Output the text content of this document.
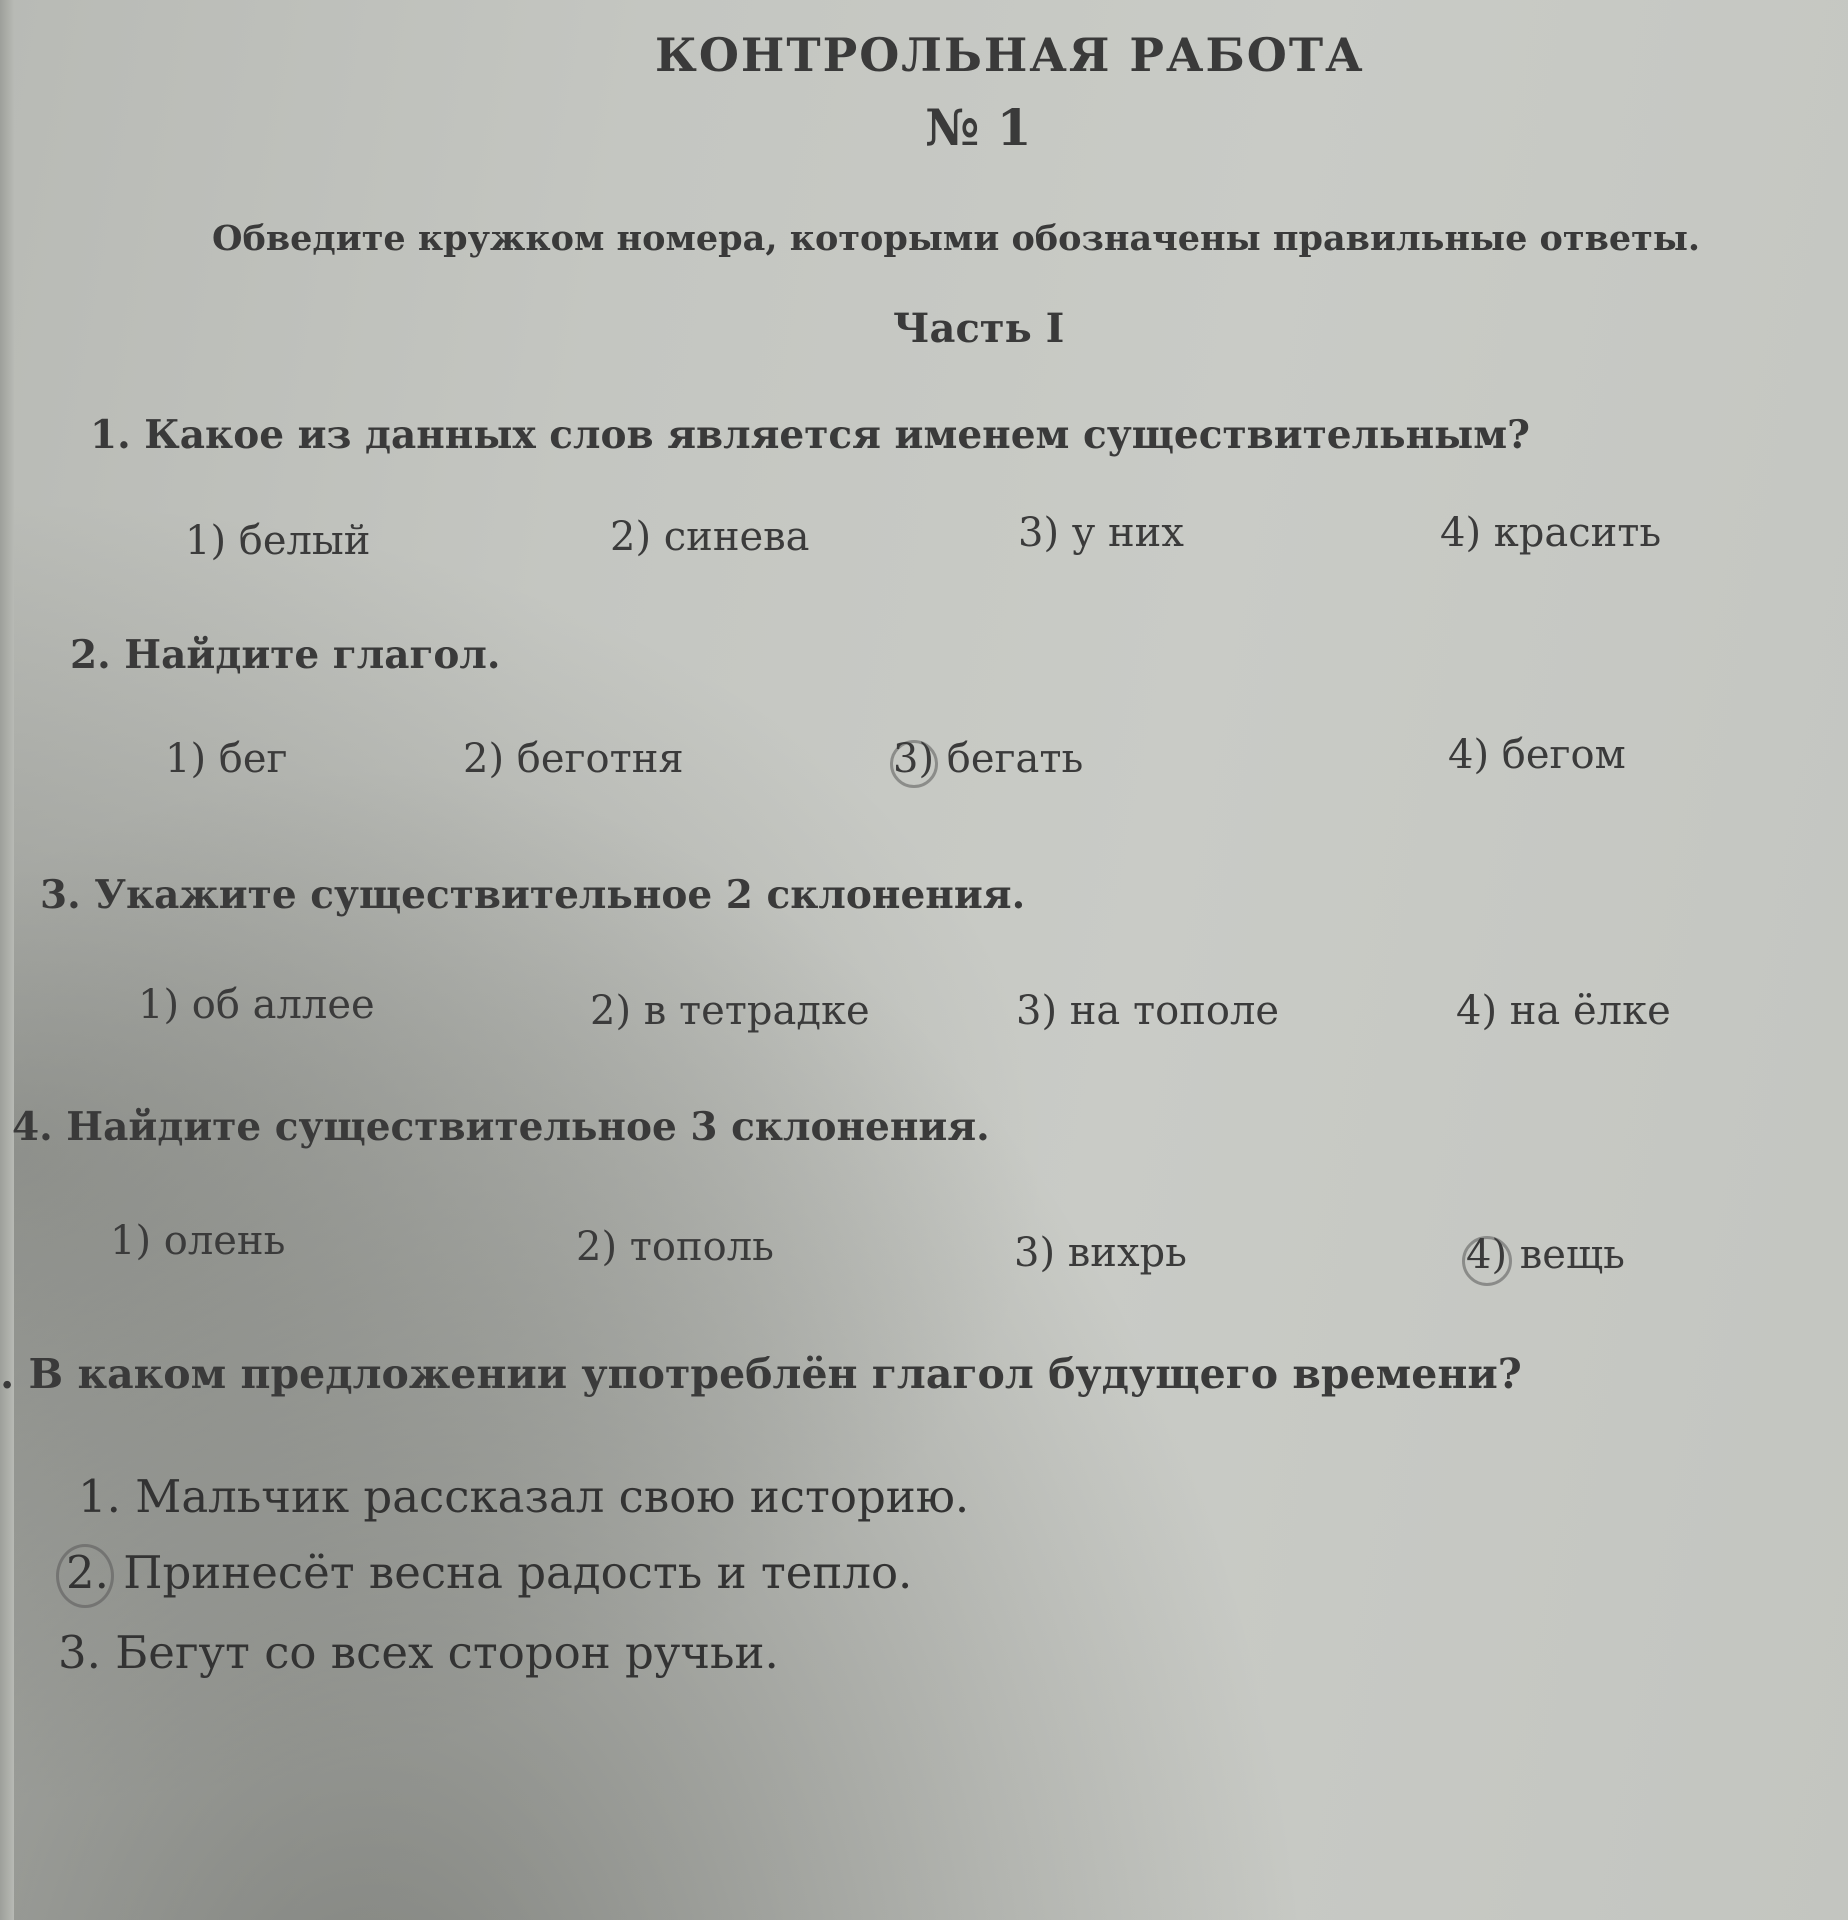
КОНТРОЛЬНАЯ РАБОТА
№ 1
Обведите кружком номера, которыми обозначены правильные ответы.
Часть I
1. Какое из данных слов является именем существительным?
1) белый	2) синева	3) у них	4) красить
2. Найдите глагол.
1) бег	2) беготня	3) бегать	4) бегом
3. Укажите существительное 2 склонения.
1) об аллее	2) в тетрадке	3) на тополе	4) на ёлке
4. Найдите существительное 3 склонения.
1) олень	2) тополь	3) вихрь	4) вещь
. В каком предложении употреблён глагол будущего времени?
1. Мальчик рассказал свою историю.
2. Принесёт весна радость и тепло.
3. Бегут со всех сторон ручьи.
